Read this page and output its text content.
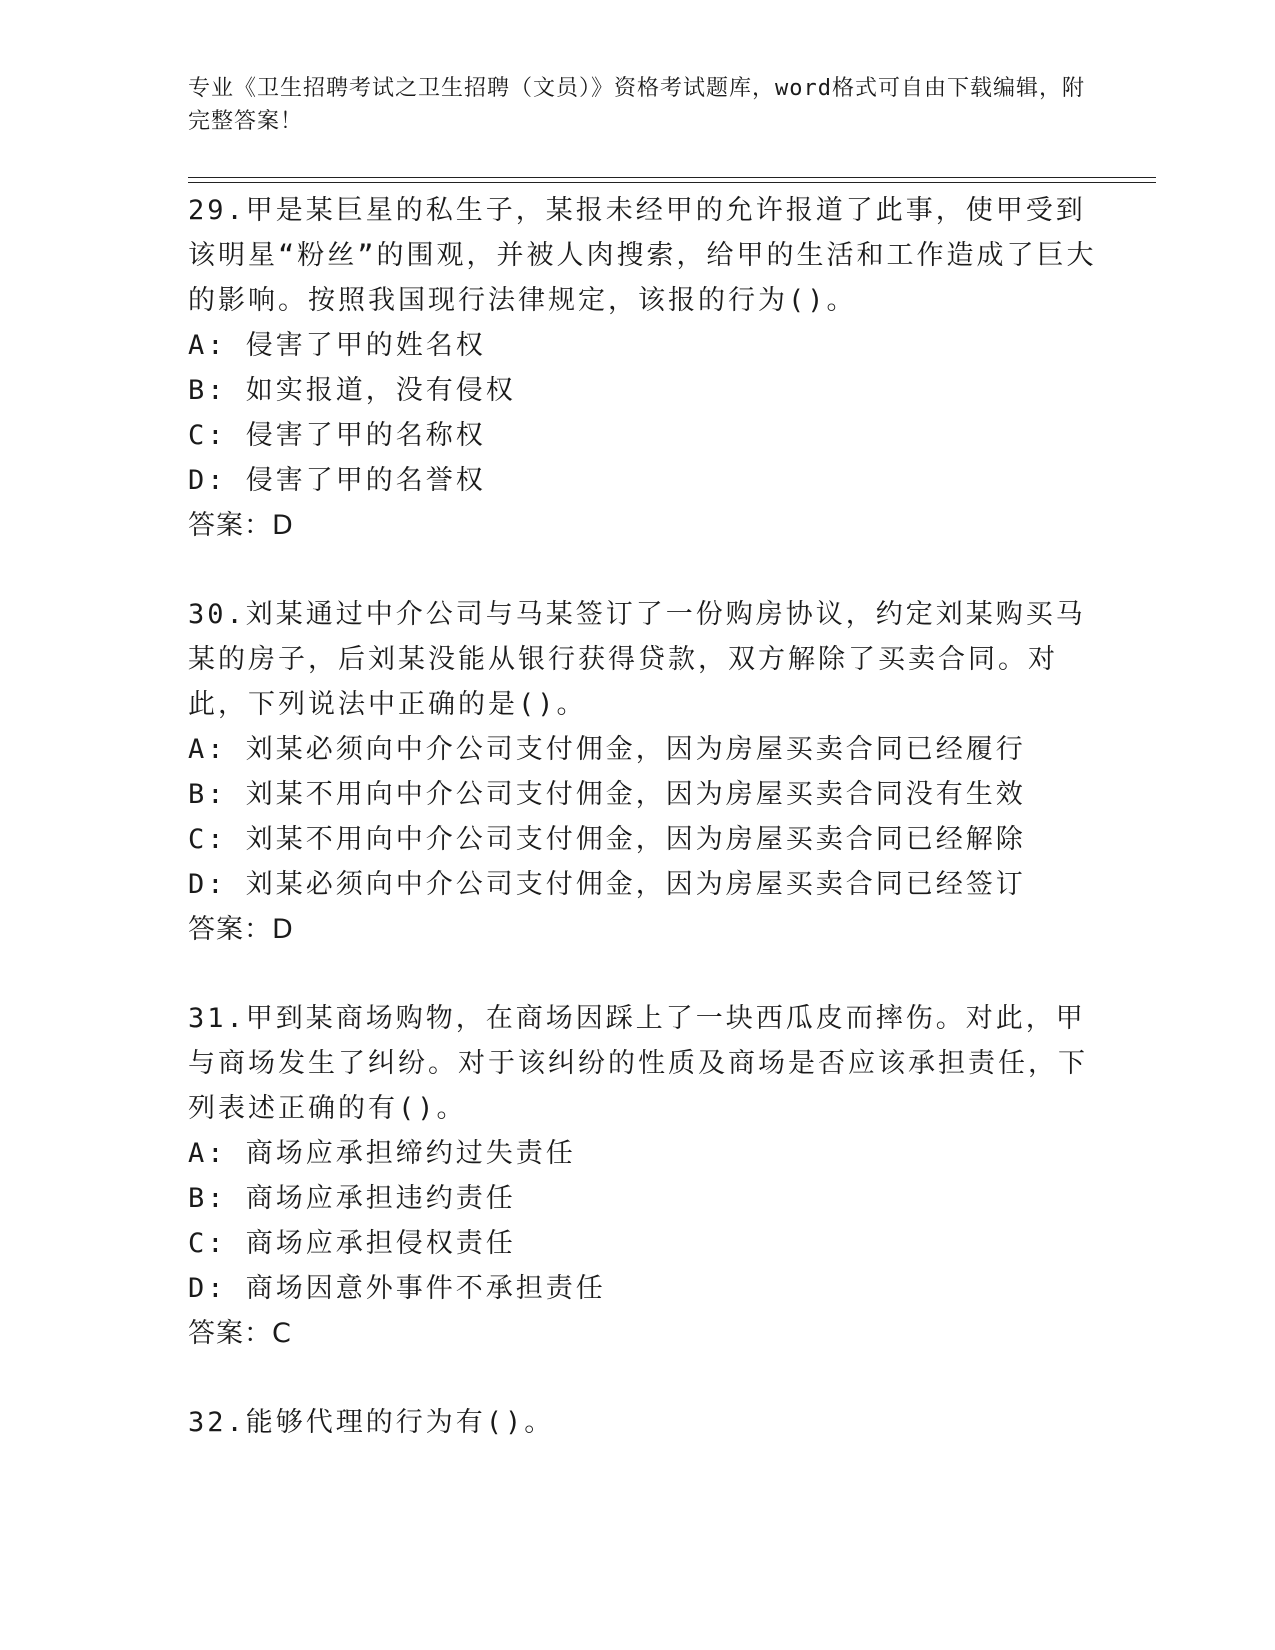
专业《卫生招聘考试之卫生招聘（文员）》资格考试题库，word格式可自由下载编辑，附完整答案！

29.甲是某巨星的私生子，某报未经甲的允许报道了此事，使甲受到该明星“粉丝”的围观，并被人肉搜索，给甲的生活和工作造成了巨大的影响。按照我国现行法律规定，该报的行为()。

A: 侵害了甲的姓名权

B: 如实报道，没有侵权

C: 侵害了甲的名称权

D: 侵害了甲的名誉权

答案：D

30.刘某通过中介公司与马某签订了一份购房协议，约定刘某购买马某的房子，后刘某没能从银行获得贷款，双方解除了买卖合同。对此，下列说法中正确的是()。

A: 刘某必须向中介公司支付佣金，因为房屋买卖合同已经履行

B: 刘某不用向中介公司支付佣金，因为房屋买卖合同没有生效

C: 刘某不用向中介公司支付佣金，因为房屋买卖合同已经解除

D: 刘某必须向中介公司支付佣金，因为房屋买卖合同已经签订

答案：D

31.甲到某商场购物，在商场因踩上了一块西瓜皮而摔伤。对此，甲与商场发生了纠纷。对于该纠纷的性质及商场是否应该承担责任，下列表述正确的有()。

A: 商场应承担缔约过失责任

B: 商场应承担违约责任

C: 商场应承担侵权责任

D: 商场因意外事件不承担责任

答案：C

32.能够代理的行为有()。
